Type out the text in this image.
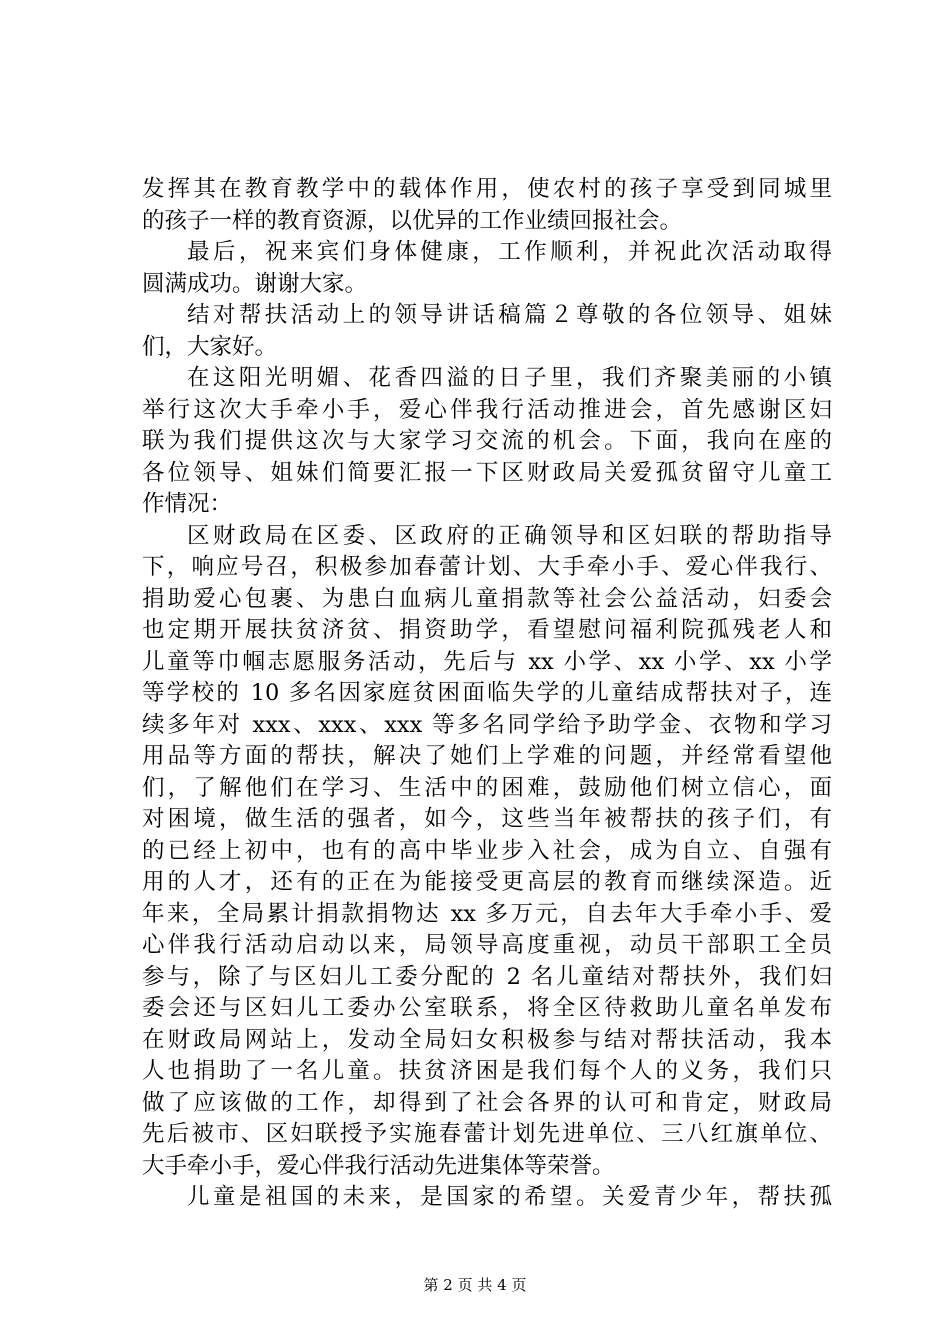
发挥其在教育教学中的载体作用，使农村的孩子享受到同城里
的孩子一样的教育资源，以优异的工作业绩回报社会。
最后，祝来宾们身体健康，工作顺利，并祝此次活动取得
圆满成功。谢谢大家。
结对帮扶活动上的领导讲话稿篇２尊敬的各位领导、姐妹
们，大家好。
在这阳光明媚、花香四溢的日子里，我们齐聚美丽的小镇
举行这次大手牵小手，爱心伴我行活动推进会，首先感谢区妇
联为我们提供这次与大家学习交流的机会。下面，我向在座的
各位领导、姐妹们简要汇报一下区财政局关爱孤贫留守儿童工
作情况：
区财政局在区委、区政府的正确领导和区妇联的帮助指导
下，响应号召，积极参加春蕾计划、大手牵小手、爱心伴我行、
捐助爱心包裹、为患白血病儿童捐款等社会公益活动，妇委会
也定期开展扶贫济贫、捐资助学，看望慰问福利院孤残老人和
儿童等巾帼志愿服务活动，先后与 xx 小学、xx 小学、xx 小学
等学校的 10 多名因家庭贫困面临失学的儿童结成帮扶对子，连
续多年对 xxx、xxx、xxx 等多名同学给予助学金、衣物和学习
用品等方面的帮扶，解决了她们上学难的问题，并经常看望他
们，了解他们在学习、生活中的困难，鼓励他们树立信心，面
对困境，做生活的强者，如今，这些当年被帮扶的孩子们，有
的已经上初中，也有的高中毕业步入社会，成为自立、自强有
用的人才，还有的正在为能接受更高层的教育而继续深造。近
年来，全局累计捐款捐物达 xx 多万元，自去年大手牵小手、爱
心伴我行活动启动以来，局领导高度重视，动员干部职工全员
参与，除了与区妇儿工委分配的 2 名儿童结对帮扶外，我们妇
委会还与区妇儿工委办公室联系，将全区待救助儿童名单发布
在财政局网站上，发动全局妇女积极参与结对帮扶活动，我本
人也捐助了一名儿童。扶贫济困是我们每个人的义务，我们只
做了应该做的工作，却得到了社会各界的认可和肯定，财政局
先后被市、区妇联授予实施春蕾计划先进单位、三八红旗单位、
大手牵小手，爱心伴我行活动先进集体等荣誉。
儿童是祖国的未来，是国家的希望。关爱青少年，帮扶孤
第 2 页 共 4 页
